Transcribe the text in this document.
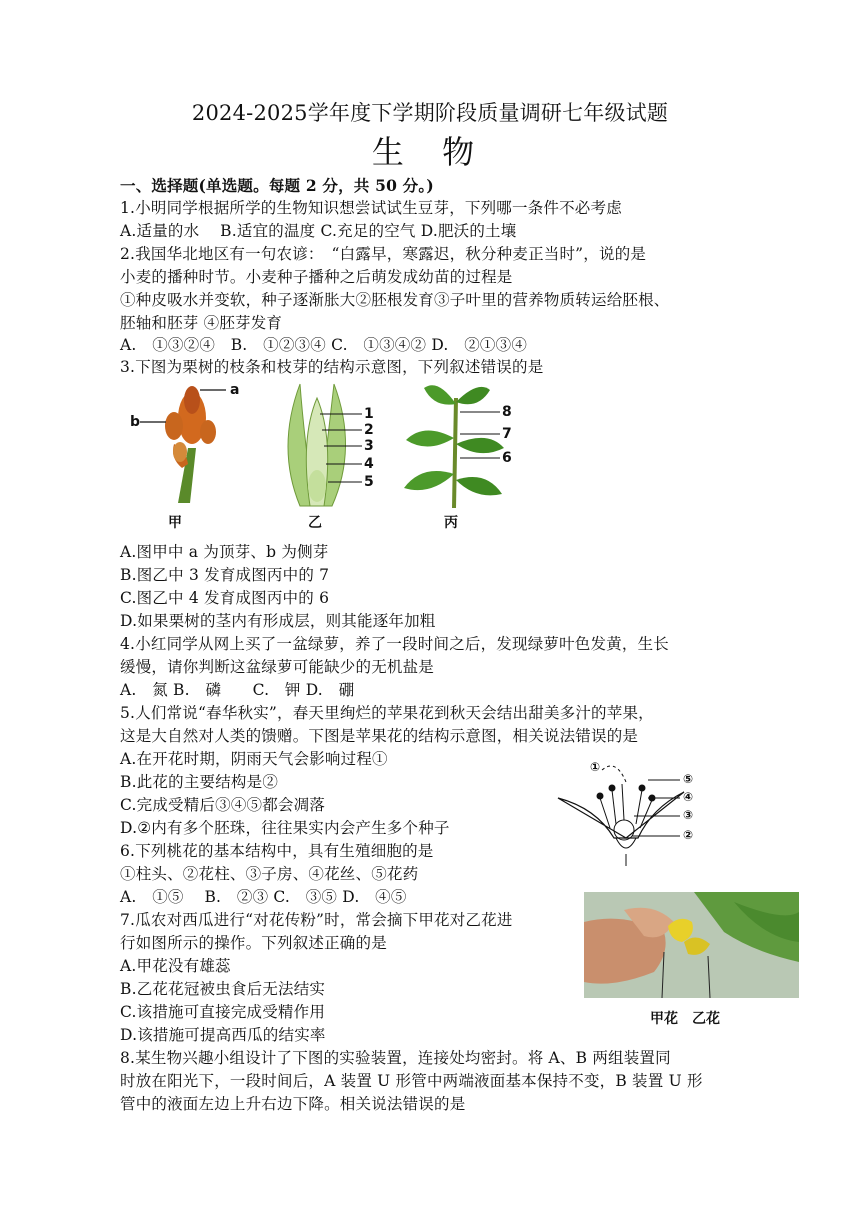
2024-2025学年度下学期阶段质量调研七年级试题
生 物
一、选择题(单选题。每题 2 分，共 50 分。)
1.小明同学根据所学的生物知识想尝试试生豆芽，下列哪一条件不必考虑
A.适量的水　 B.适宜的温度 C.充足的空气 D.肥沃的土壤
2.我国华北地区有一句农谚：　“白露早，寒露迟，秋分种麦正当时”，说的是
小麦的播种时节。小麦种子播种之后萌发成幼苗的过程是
①种皮吸水并变软，种子逐渐胀大②胚根发育③子叶里的营养物质转运给胚根、
胚轴和胚芽 ④胚芽发育
A.　①③②④　B.　①②③④ C.　①③④② D.　②①③④
3.下图为栗树的枝条和枝芽的结构示意图，下列叙述错误的是
A.图甲中 a 为顶芽、b 为侧芽
B.图乙中 3 发育成图丙中的 7
C.图乙中 4 发育成图丙中的 6
D.如果栗树的茎内有形成层，则其能逐年加粗
4.小红同学从网上买了一盆绿萝，养了一段时间之后，发现绿萝叶色发黄，生长
缓慢，请你判断这盆绿萝可能缺少的无机盐是
A.　氮 B.　磷　　C.　钾 D.　硼
5.人们常说“春华秋实”，春天里绚烂的苹果花到秋天会结出甜美多汁的苹果，
这是大自然对人类的馈赠。下图是苹果花的结构示意图，相关说法错误的是
A.在开花时期，阴雨天气会影响过程①
B.此花的主要结构是②
C.完成受精后③④⑤都会凋落
D.②内有多个胚珠，往往果实内会产生多个种子
6.下列桃花的基本结构中，具有生殖细胞的是
①柱头、②花柱、③子房、④花丝、⑤花药
A.　①⑤　 B.　②③ C.　③⑤ D.　④⑤
7.瓜农对西瓜进行“对花传粉”时，常会摘下甲花对乙花进
行如图所示的操作。下列叙述正确的是
A.甲花没有雄蕊
B.乙花花冠被虫食后无法结实
C.该措施可直接完成受精作用
D.该措施可提高西瓜的结实率
8.某生物兴趣小组设计了下图的实验装置，连接处均密封。将 A、B 两组装置同
时放在阳光下，一段时间后，A 装置 U 形管中两端液面基本保持不变，B 装置 U 形
管中的液面左边上升右边下降。相关说法错误的是
a
b
甲
1
2
3
4
5
乙
8
7
6
丙
①
⑤
④
③
②
甲花 乙花
